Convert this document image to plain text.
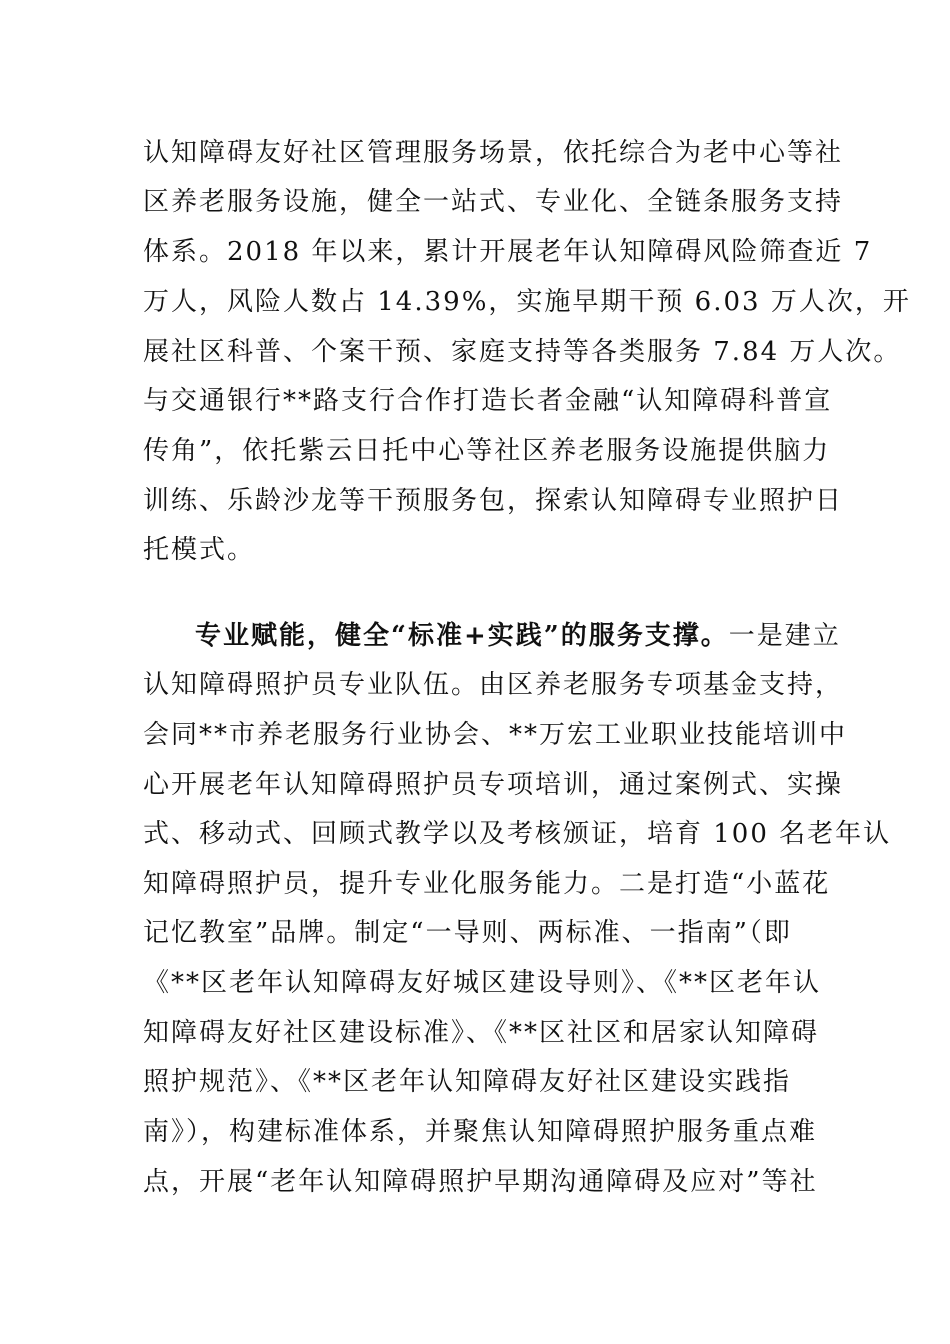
认知障碍友好社区管理服务场景，依托综合为老中心等社
区养老服务设施，健全一站式、专业化、全链条服务支持
体系。2018 年以来，累计开展老年认知障碍风险筛查近 7
万人，风险人数占 14.39%，实施早期干预 6.03 万人次，开
展社区科普、个案干预、家庭支持等各类服务 7.84 万人次。
与交通银行**路支行合作打造长者金融“认知障碍科普宣
传角”，依托紫云日托中心等社区养老服务设施提供脑力
训练、乐龄沙龙等干预服务包，探索认知障碍专业照护日
托模式。
专业赋能，健全“标准+实践”的服务支撑。一是建立
认知障碍照护员专业队伍。由区养老服务专项基金支持，
会同**市养老服务行业协会、**万宏工业职业技能培训中
心开展老年认知障碍照护员专项培训，通过案例式、实操
式、移动式、回顾式教学以及考核颁证，培育 100 名老年认
知障碍照护员，提升专业化服务能力。二是打造“小蓝花
记忆教室”品牌。制定“一导则、两标准、一指南”（即
《**区老年认知障碍友好城区建设导则》、《**区老年认
知障碍友好社区建设标准》、《**区社区和居家认知障碍
照护规范》、《**区老年认知障碍友好社区建设实践指
南》），构建标准体系，并聚焦认知障碍照护服务重点难
点，开展“老年认知障碍照护早期沟通障碍及应对”等社
